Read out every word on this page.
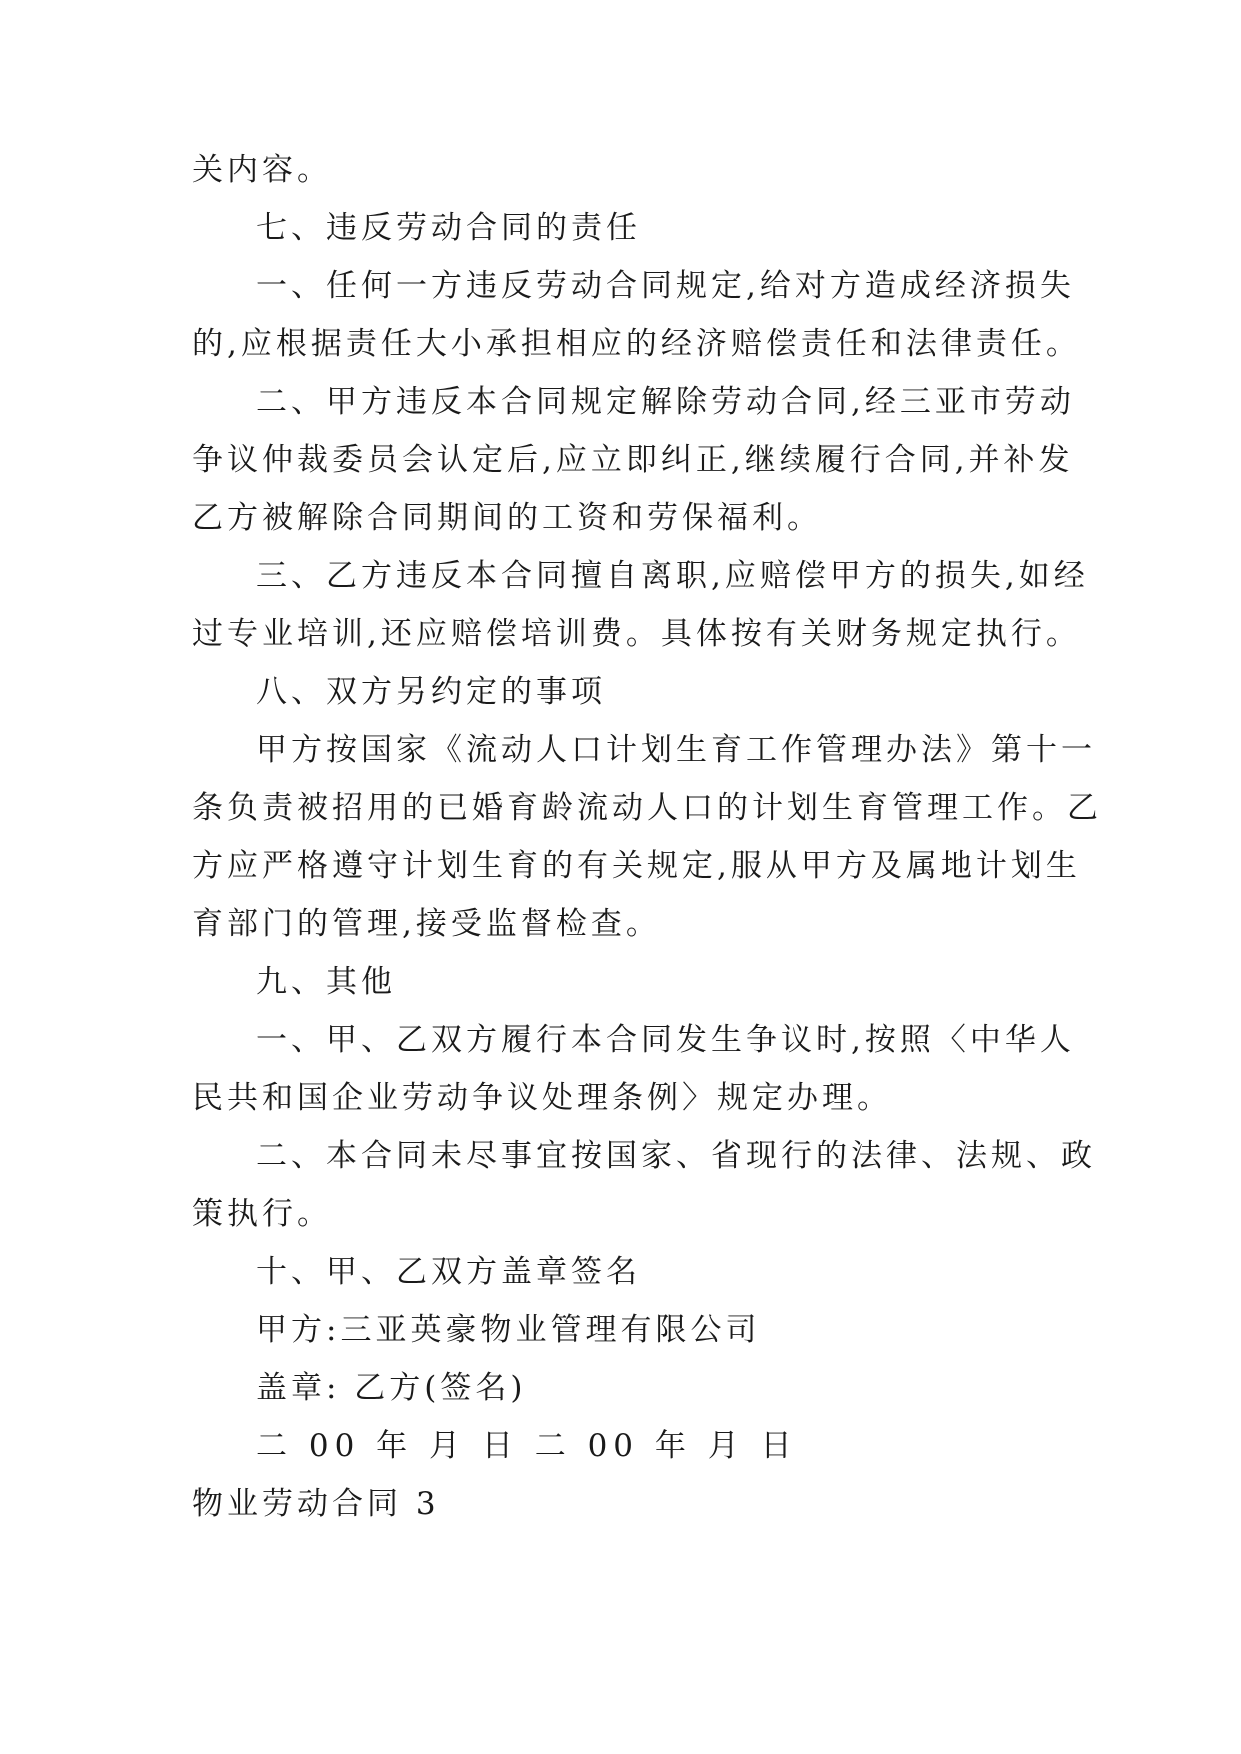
关内容。

七、违反劳动合同的责任

一、任何一方违反劳动合同规定,给对方造成经济损失

的,应根据责任大小承担相应的经济赔偿责任和法律责任。

二、甲方违反本合同规定解除劳动合同,经三亚市劳动

争议仲裁委员会认定后,应立即纠正,继续履行合同,并补发

乙方被解除合同期间的工资和劳保福利。

三、乙方违反本合同擅自离职,应赔偿甲方的损失,如经

过专业培训,还应赔偿培训费。具体按有关财务规定执行。

八、双方另约定的事项

甲方按国家《流动人口计划生育工作管理办法》第十一

条负责被招用的已婚育龄流动人口的计划生育管理工作。乙

方应严格遵守计划生育的有关规定,服从甲方及属地计划生

育部门的管理,接受监督检查。

九、其他

一、甲、乙双方履行本合同发生争议时,按照〈中华人

民共和国企业劳动争议处理条例〉规定办理。

二、本合同未尽事宜按国家、省现行的法律、法规、政

策执行。

十、甲、乙双方盖章签名

甲方:三亚英豪物业管理有限公司

盖章: 乙方(签名)

二 00 年 月 日 二 00 年 月 日

物业劳动合同 3
